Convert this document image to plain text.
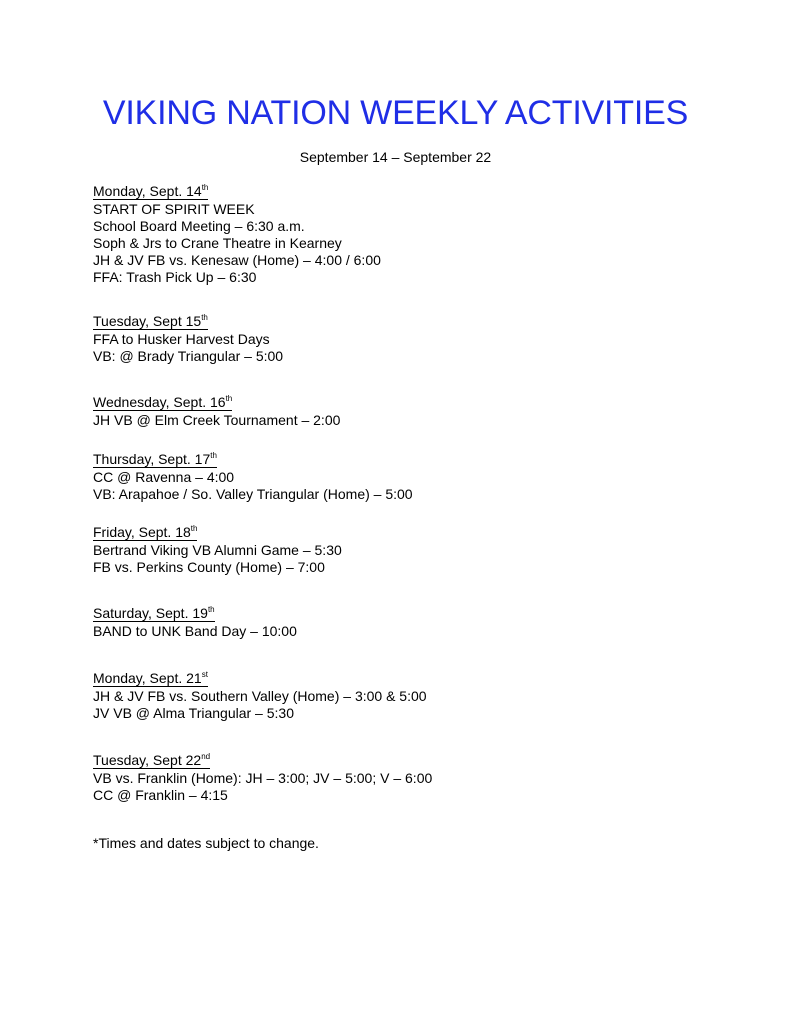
VIKING NATION WEEKLY ACTIVITIES
September 14 – September 22
Monday, Sept. 14th
START OF SPIRIT WEEK
School Board Meeting – 6:30 a.m.
Soph & Jrs to Crane Theatre in Kearney
JH & JV FB vs. Kenesaw (Home) – 4:00 / 6:00
FFA: Trash Pick Up – 6:30
Tuesday, Sept 15th
FFA to Husker Harvest Days
VB: @ Brady Triangular – 5:00
Wednesday, Sept. 16th
JH VB @ Elm Creek Tournament – 2:00
Thursday, Sept. 17th
CC @ Ravenna – 4:00
VB: Arapahoe / So. Valley Triangular (Home) – 5:00
Friday, Sept. 18th
Bertrand Viking VB Alumni Game – 5:30
FB vs. Perkins County (Home) – 7:00
Saturday, Sept. 19th
BAND to UNK Band Day – 10:00
Monday, Sept. 21st
JH & JV FB vs. Southern Valley (Home) – 3:00 & 5:00
JV VB @ Alma Triangular – 5:30
Tuesday, Sept 22nd
VB vs. Franklin (Home): JH – 3:00; JV – 5:00; V – 6:00
CC @ Franklin – 4:15
*Times and dates subject to change.
